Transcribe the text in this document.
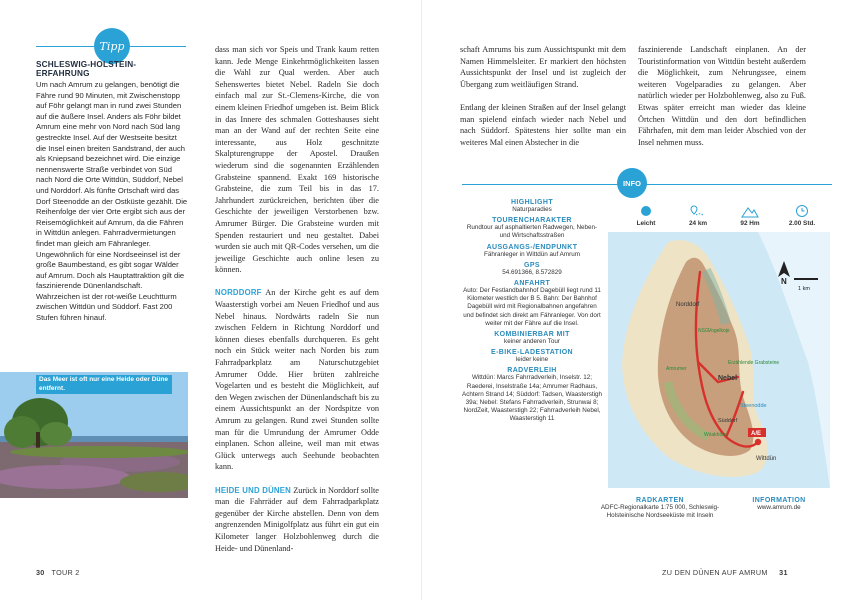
Tipp
SCHLESWIG-HOLSTEIN-ERFAHRUNG
Um nach Amrum zu gelangen, benötigt die Fähre rund 90 Minuten, mit Zwischenstopp auf Föhr gelangt man in rund zwei Stunden auf die äußere Insel. Anders als Föhr bildet Amrum eine mehr von Nord nach Süd lang gestreckte Insel. Auf der Westseite besitzt die Insel einen breiten Sandstrand, der auch als Kniepsand bezeichnet wird. Die einzige nennenswerte Straße verbindet von Süd nach Nord die Orte Wittdün, Süddorf, Nebel und Norddorf. Als fünfte Ortschaft wird das Dorf Steenodde an der Ostküste gezählt. Die Reihenfolge der vier Orte ergibt sich aus der Reisemöglichkeit auf Amrum, da die Fähren in Wittdün anlegen. Fahrradvermietungen findet man gleich am Fähranleger. Ungewöhnlich für eine Nordseeinsel ist der große Baumbestand, es gibt sogar Wälder auf Amrum. Doch als Hauptattraktion gilt die faszinierende Dünenlandschaft. Wahrzeichen ist der rot-weiße Leuchtturm zwischen Wittdün und Süddorf. Fast 200 Stufen führen hinauf.
Das Meer ist oft nur eine Heide oder Düne entfernt.

dass man sich vor Speis und Trank kaum retten kann. Jede Menge Einkehrmöglichkeiten lassen die Wahl zur Qual werden. Aber auch Sehenswertes bietet Nebel. Radeln Sie doch einfach mal zur St.-Clemens-Kirche, die von einem kleinen Friedhof umgeben ist. Beim Blick in das Innere des schmalen Gotteshauses sieht man an der Wand auf der rechten Seite eine interessante, aus Holz geschnitzte Skalpturengruppe der Apostel. Draußen wiederum sind die sogenannten Erzählenden Grabsteine spannend. Exakt 169 historische Grabsteine, die zum Teil bis in das 17. Jahrhundert zurückreichen, berichten über die Geschichte der jeweiligen Verstorbenen bzw. Amrumer Bürger. Die Grabsteine wurden mit Spenden restauriert und neu gestaltet. Dabei wurden sie auch mit QR-Codes versehen, um die jeweilige Geschichte auch online lesen zu können.

NORDDORF An der Kirche geht es auf dem Waasterstigh vorbei am Neuen Friedhof und aus Nebel hinaus. Nordwärts radeln Sie nun zwischen Feldern in Richtung Norddorf und können dieses ebenfalls durchqueren. Es geht noch ein Stück weiter nach Norden bis zum Fahrradparkplatz am Naturschutzgebiet Amrumer Odde. Hier brüten zahlreiche Vogelarten und es besteht die Möglichkeit, auf den Wegen zwischen der Dünenlandschaft bis zu einem Aussichtspunkt an der Nordspitze von Amrum zu gelangen. Rund zwei Stunden sollte man für die Umrundung der Amrumer Odde einplanen. Schon alleine, weil man mit etwas Glück unterwegs auch Seehunde beobachten kann.

HEIDE UND DÜNEN Zurück in Norddorf sollte man die Fahrräder auf dem Fahrradparkplatz gegenüber der Kirche abstellen. Denn von dem angrenzenden Minigolfplatz aus führt ein gut ein Kilometer langer Holzbohlenweg durch die Heide- und Dünenland-

30 TOUR 2

schaft Amrums bis zum Aussichtspunkt mit dem Namen Himmelsleiter. Er markiert den höchsten Aussichtspunkt der Insel und ist zugleich der Übergang zum weitläufigen Strand.

Entlang der kleinen Straßen auf der Insel gelangt man spielend einfach wieder nach Nebel und nach Süddorf. Spätestens hier sollte man ein weiteres Mal einen Abstecher in die

faszinierende Landschaft einplanen. An der Touristinformation von Wittdün besteht außerdem die Möglichkeit, zum Nehrungssee, einem weiteren Vogelparadies zu gelangen. Aber natürlich wieder per Holzbohlenweg, also zu Fuß. Etwas später erreicht man wieder das kleine Örtchen Wittdün und den dort befindlichen Fährhafen, mit dem man leider Abschied von der Insel nehmen muss.

INFO
HIGHLIGHT
Naturparadies
TOURENCHARAKTER
Rundtour auf asphaltierten Radwegen, Neben- und Wirtschaftsstraßen
AUSGANGS-/ENDPUNKT
Fähranleger in Wittdün auf Amrum
GPS
54.691366, 8.572829
ANFAHRT
Auto: Der Festlandbahnhof Dagebüll liegt rund 11 Kilometer westlich der B 5. Bahn: Der Bahnhof Dagebüll wird mit Regionalbahnen angefahren und befindet sich direkt am Fähranleger. Von dort weiter mit der Fähre auf die Insel.
KOMBINIERBAR MIT
keiner anderen Tour
E-BIKE-LADESTATION
leider keine
RADVERLEIH
Wittdün: Marcs Fahrradverleih, Inselstr. 12; Raederei, Inselstraße 14a; Amrumer Radhaus, Achtern Strand 14; Süddorf: Tadsen, Waasterstigh 39a; Nebel: Stefans Fahrradverleih, Strunwai 8; NordZeit, Waasterstigh 22; Fahrradverleih Nebel, Waasterstigh 11
Leicht	24 km	92 Hm	2.00 Std.
A/E
N
1 km
Norddorf
Nebel
Wittdün
Süddorf
Steenodde
Erzählende Grabsteine
Vogelkoje
Wriakhörn
Amrumer
NSG
RADKARTEN
ADFC-Regionalkarte 1:75 000, Schleswig-Holsteinische Nordseeküste mit Inseln
INFORMATION
www.amrum.de
ZU DEN DÜNEN AUF AMRUM 31
